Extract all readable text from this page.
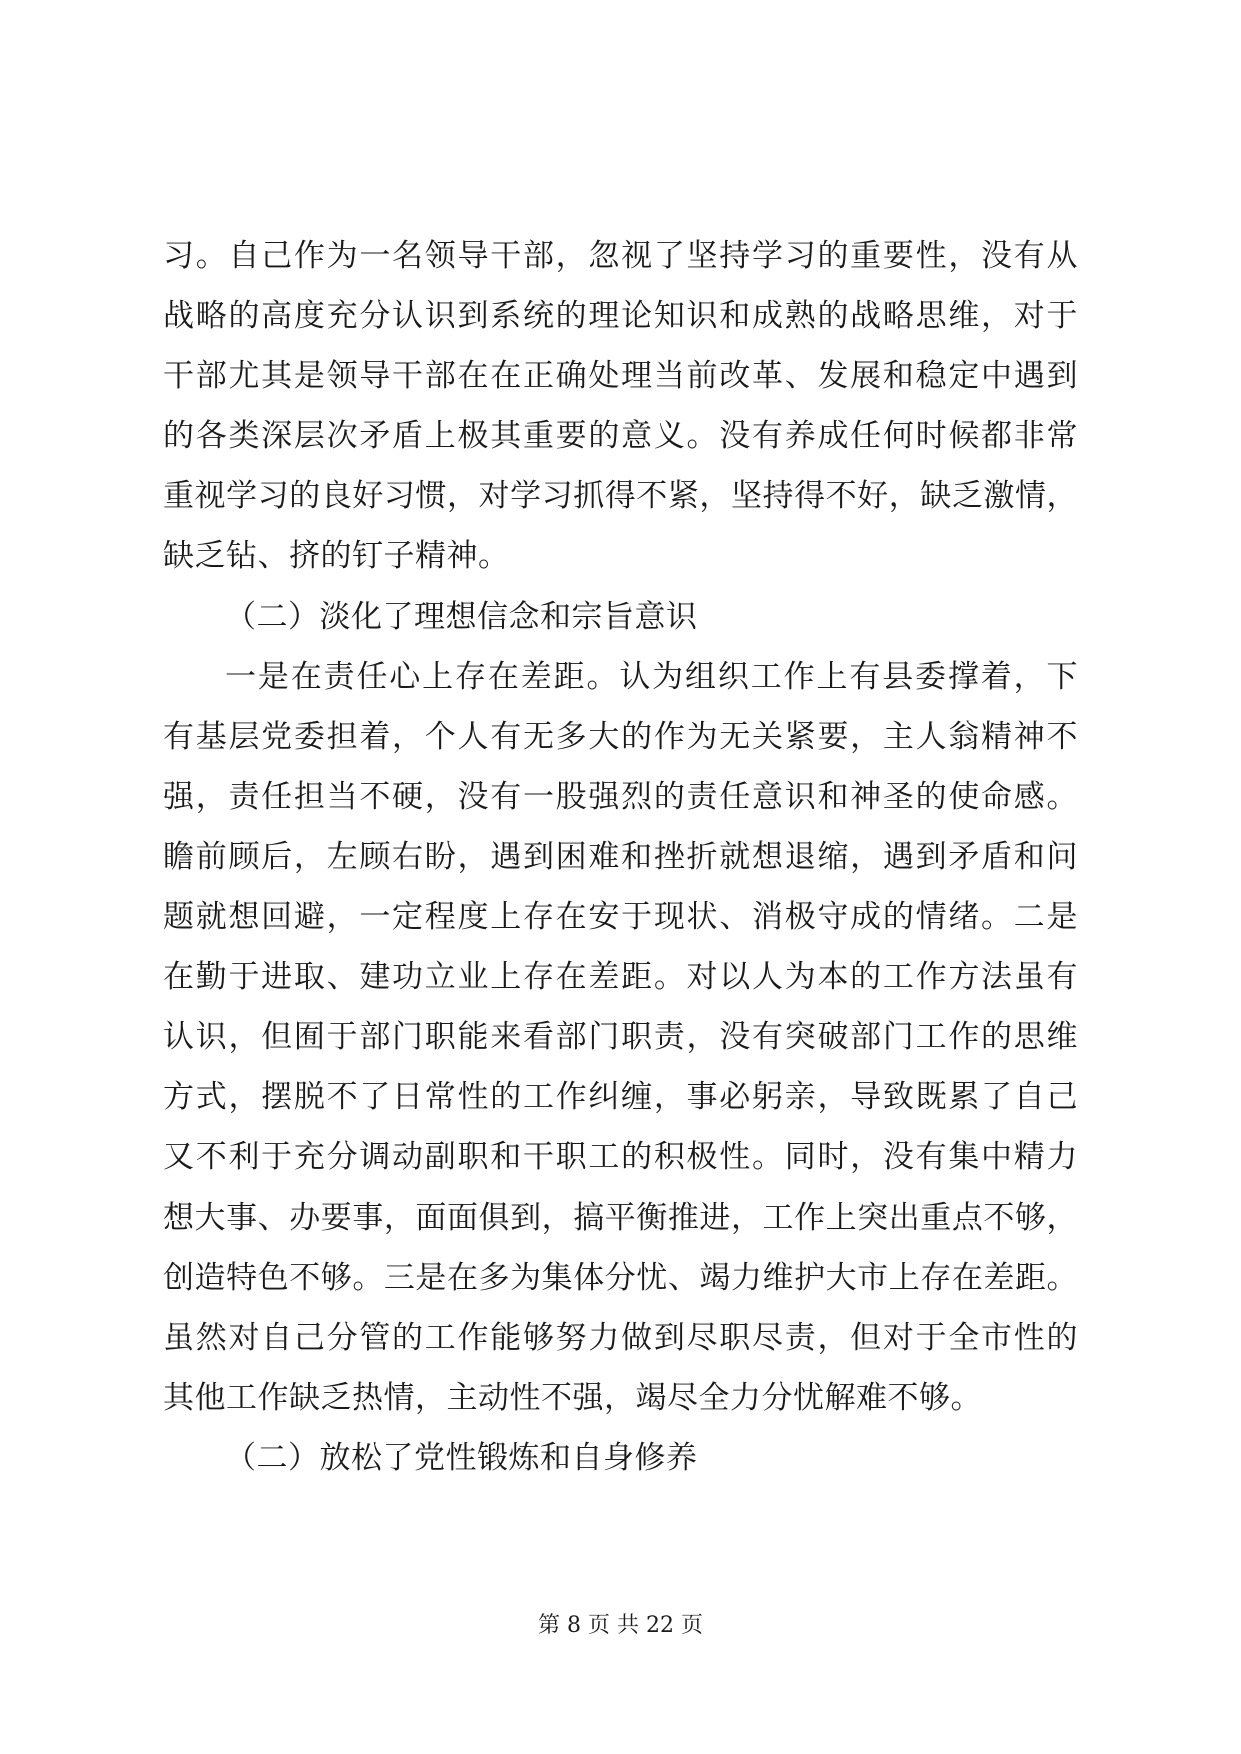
习。自己作为一名领导干部，忽视了坚持学习的重要性，没有从
战略的高度充分认识到系统的理论知识和成熟的战略思维，对于
干部尤其是领导干部在在正确处理当前改革、发展和稳定中遇到
的各类深层次矛盾上极其重要的意义。没有养成任何时候都非常
重视学习的良好习惯，对学习抓得不紧，坚持得不好，缺乏激情，
缺乏钻、挤的钉子精神。
（二）淡化了理想信念和宗旨意识
一是在责任心上存在差距。认为组织工作上有县委撑着，下
有基层党委担着，个人有无多大的作为无关紧要，主人翁精神不
强，责任担当不硬，没有一股强烈的责任意识和神圣的使命感。
瞻前顾后，左顾右盼，遇到困难和挫折就想退缩，遇到矛盾和问
题就想回避，一定程度上存在安于现状、消极守成的情绪。二是
在勤于进取、建功立业上存在差距。对以人为本的工作方法虽有
认识，但囿于部门职能来看部门职责，没有突破部门工作的思维
方式，摆脱不了日常性的工作纠缠，事必躬亲，导致既累了自己
又不利于充分调动副职和干职工的积极性。同时，没有集中精力
想大事、办要事，面面俱到，搞平衡推进，工作上突出重点不够，
创造特色不够。三是在多为集体分忧、竭力维护大市上存在差距。
虽然对自己分管的工作能够努力做到尽职尽责，但对于全市性的
其他工作缺乏热情，主动性不强，竭尽全力分忧解难不够。
（二）放松了党性锻炼和自身修养
第 8 页 共 22 页
